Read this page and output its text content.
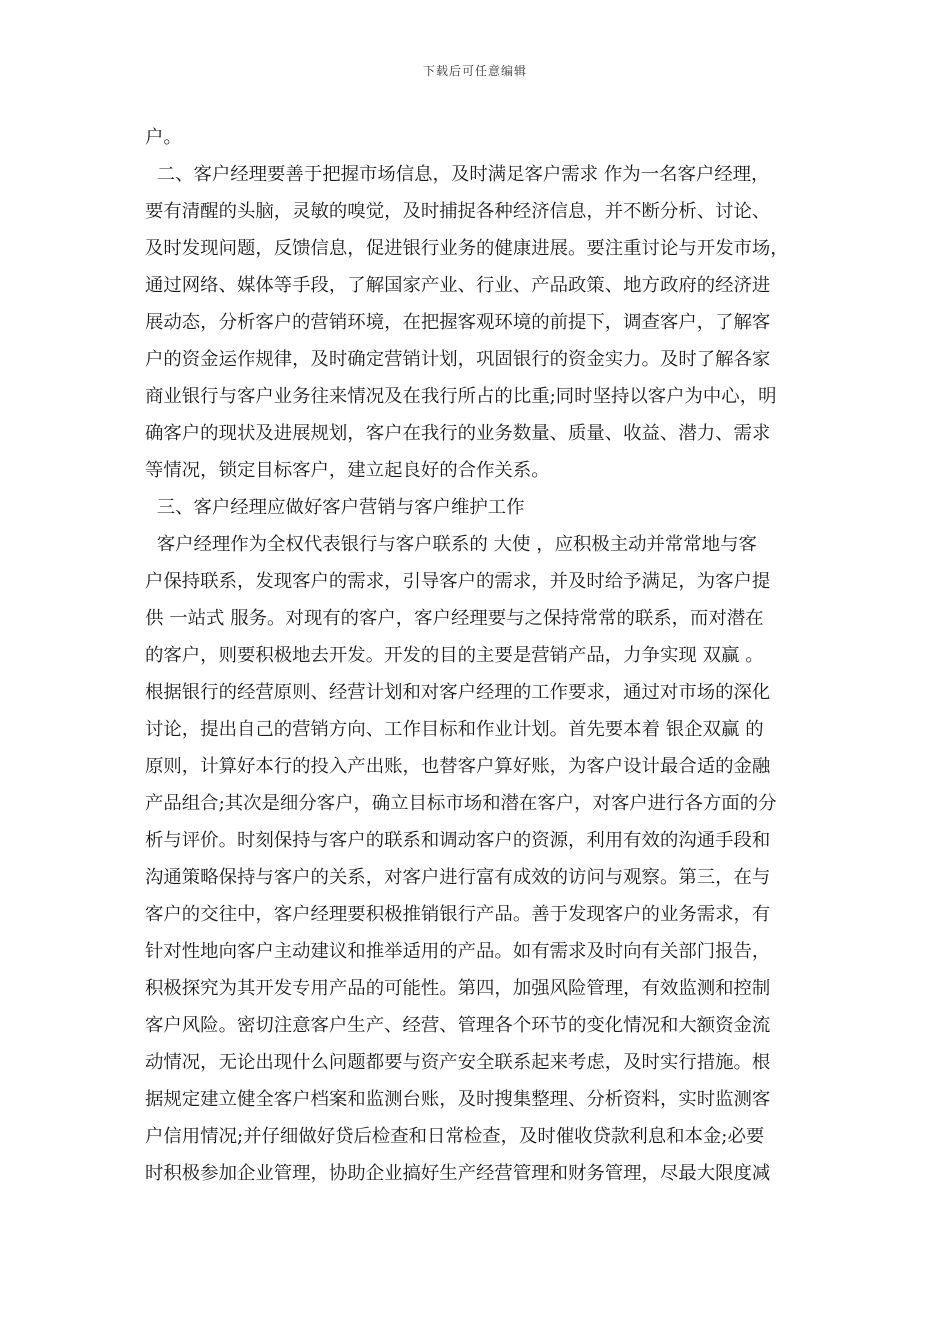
下载后可任意编辑
户。
二、客户经理要善于把握市场信息，及时满足客户需求 作为一名客户经理，
要有清醒的头脑，灵敏的嗅觉，及时捕捉各种经济信息，并不断分析、讨论、
及时发现问题，反馈信息，促进银行业务的健康进展。要注重讨论与开发市场，
通过网络、媒体等手段，了解国家产业、行业、产品政策、地方政府的经济进
展动态，分析客户的营销环境，在把握客观环境的前提下，调查客户，了解客
户的资金运作规律，及时确定营销计划，巩固银行的资金实力。及时了解各家
商业银行与客户业务往来情况及在我行所占的比重;同时坚持以客户为中心，明
确客户的现状及进展规划，客户在我行的业务数量、质量、收益、潜力、需求
等情况，锁定目标客户，建立起良好的合作关系。
三、客户经理应做好客户营销与客户维护工作
客户经理作为全权代表银行与客户联系的 大使 ，应积极主动并常常地与客
户保持联系，发现客户的需求，引导客户的需求，并及时给予满足，为客户提
供 一站式 服务。对现有的客户，客户经理要与之保持常常的联系，而对潜在
的客户，则要积极地去开发。开发的目的主要是营销产品，力争实现 双赢 。
根据银行的经营原则、经营计划和对客户经理的工作要求，通过对市场的深化
讨论，提出自己的营销方向、工作目标和作业计划。首先要本着 银企双赢 的
原则，计算好本行的投入产出账，也替客户算好账，为客户设计最合适的金融
产品组合;其次是细分客户，确立目标市场和潜在客户，对客户进行各方面的分
析与评价。时刻保持与客户的联系和调动客户的资源，利用有效的沟通手段和
沟通策略保持与客户的关系，对客户进行富有成效的访问与观察。第三，在与
客户的交往中，客户经理要积极推销银行产品。善于发现客户的业务需求，有
针对性地向客户主动建议和推举适用的产品。如有需求及时向有关部门报告，
积极探究为其开发专用产品的可能性。第四，加强风险管理，有效监测和控制
客户风险。密切注意客户生产、经营、管理各个环节的变化情况和大额资金流
动情况，无论出现什么问题都要与资产安全联系起来考虑，及时实行措施。根
据规定建立健全客户档案和监测台账，及时搜集整理、分析资料，实时监测客
户信用情况;并仔细做好贷后检查和日常检查，及时催收贷款利息和本金;必要
时积极参加企业管理，协助企业搞好生产经营管理和财务管理，尽最大限度减
